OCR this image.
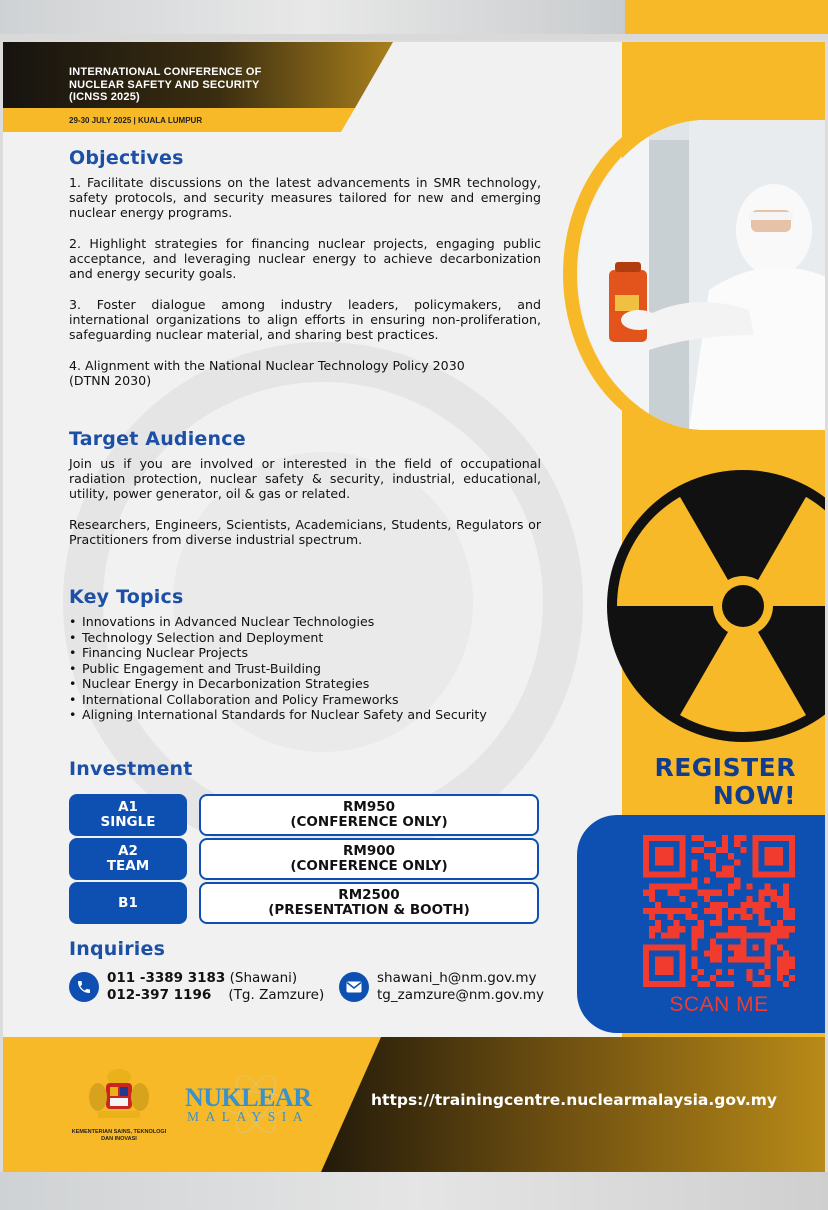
INTERNATIONAL CONFERENCE OF
NUCLEAR SAFETY AND SECURITY
(ICNSS 2025)
29-30 JULY 2025 | KUALA LUMPUR
Objectives

1. Facilitate discussions on the latest advancements in SMR technology, safety protocols, and security measures tailored for new and emerging nuclear energy programs.

2. Highlight strategies for financing nuclear projects, engaging public acceptance, and leveraging nuclear energy to achieve decarbonization and energy security goals.

3. Foster dialogue among industry leaders, policymakers, and international organizations to align efforts in ensuring non-proliferation, safeguarding nuclear material, and sharing best practices.

4. Alignment with the National Nuclear Technology Policy 2030 (DTNN 2030)

Target Audience

Join us if you are involved or interested in the field of occupational radiation protection, nuclear safety & security, industrial, educational, utility, power generator, oil & gas or related.

Researchers, Engineers, Scientists, Academicians, Students, Regulators or Practitioners from diverse industrial spectrum.

Key Topics
• Innovations in Advanced Nuclear Technologies
• Technology Selection and Deployment
• Financing Nuclear Projects
• Public Engagement and Trust-Building
• Nuclear Energy in Decarbonization Strategies
• International Collaboration and Policy Frameworks
• Aligning International Standards for Nuclear Safety and Security
Investment
A1
SINGLE
RM950
(CONFERENCE ONLY)
A2
TEAM
RM900
(CONFERENCE ONLY)
B1	RM2500
(PRESENTATION & BOOTH)
Inquiries
011 -3389 3183 (Shawani)
012-397 1196 (Tg. Zamzure)
shawani_h@nm.gov.my
tg_zamzure@nm.gov.my
REGISTER
NOW!
SCAN ME
KEMENTERIAN SAINS, TEKNOLOGI DAN INOVASI
NUKLEAR
MALAYSIA
https://trainingcentre.nuclearmalaysia.gov.my
